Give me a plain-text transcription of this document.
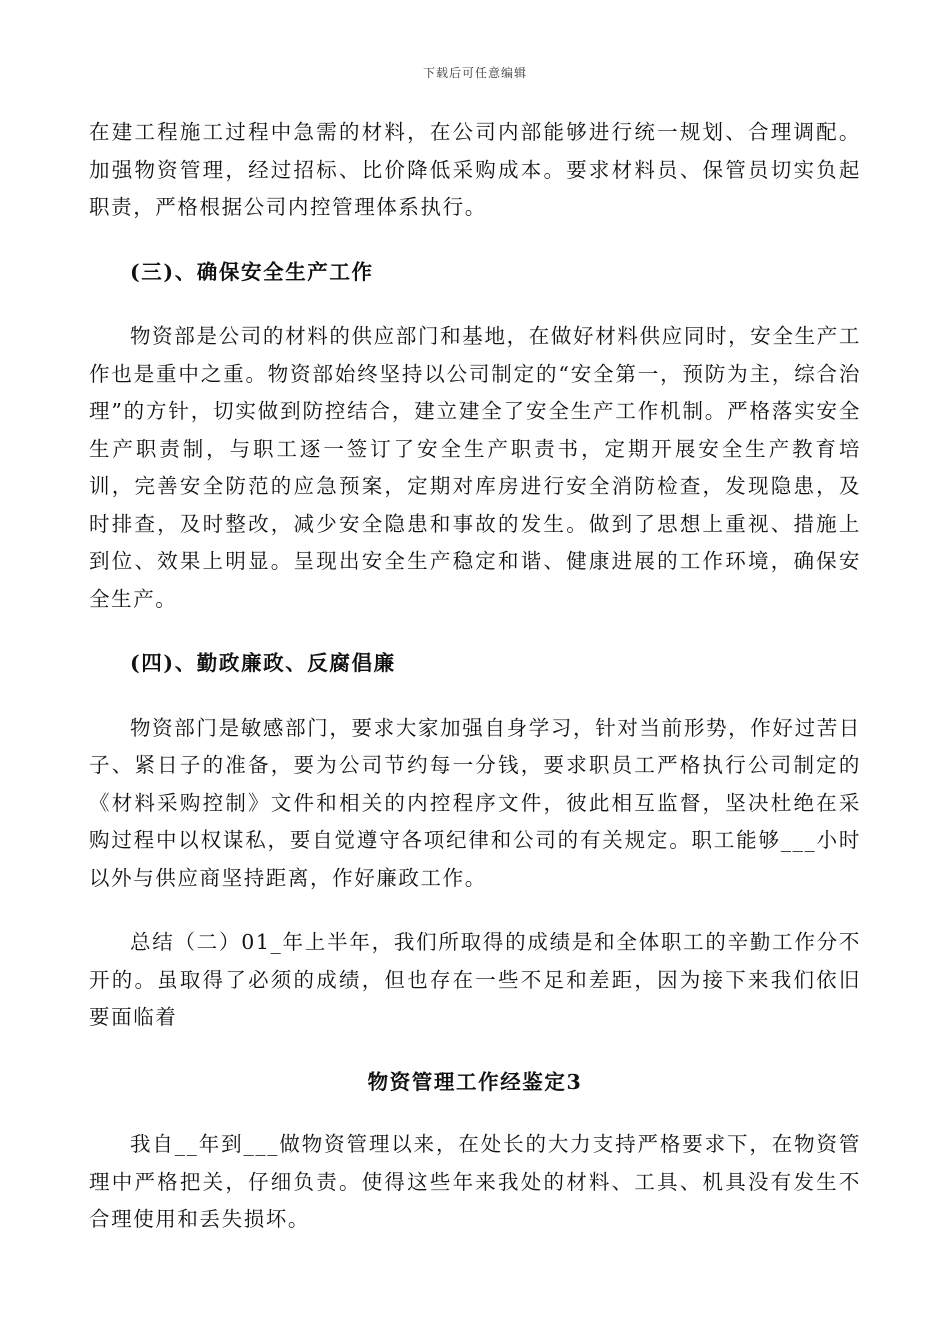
下载后可任意编辑

在建工程施工过程中急需的材料，在公司内部能够进行统一规划、合理调配。加强物资管理，经过招标、比价降低采购成本。要求材料员、保管员切实负起职责，严格根据公司内控管理体系执行。

(三)、确保安全生产工作

物资部是公司的材料的供应部门和基地，在做好材料供应同时，安全生产工作也是重中之重。物资部始终坚持以公司制定的“安全第一，预防为主，综合治理”的方针，切实做到防控结合，建立建全了安全生产工作机制。严格落实安全生产职责制，与职工逐一签订了安全生产职责书，定期开展安全生产教育培训，完善安全防范的应急预案，定期对库房进行安全消防检查，发现隐患，及时排查，及时整改，减少安全隐患和事故的发生。做到了思想上重视、措施上到位、效果上明显。呈现出安全生产稳定和谐、健康进展的工作环境，确保安全生产。

(四)、勤政廉政、反腐倡廉

物资部门是敏感部门，要求大家加强自身学习，针对当前形势，作好过苦日子、紧日子的准备，要为公司节约每一分钱，要求职员工严格执行公司制定的《材料采购控制》文件和相关的内控程序文件，彼此相互监督，坚决杜绝在采购过程中以权谋私，要自觉遵守各项纪律和公司的有关规定。职工能够___小时以外与供应商坚持距离，作好廉政工作。

总结（二）01_年上半年，我们所取得的成绩是和全体职工的辛勤工作分不开的。虽取得了必须的成绩，但也存在一些不足和差距，因为接下来我们依旧要面临着

物资管理工作经鉴定3

我自__年到___做物资管理以来，在处长的大力支持严格要求下，在物资管理中严格把关，仔细负责。使得这些年来我处的材料、工具、机具没有发生不合理使用和丢失损坏。
